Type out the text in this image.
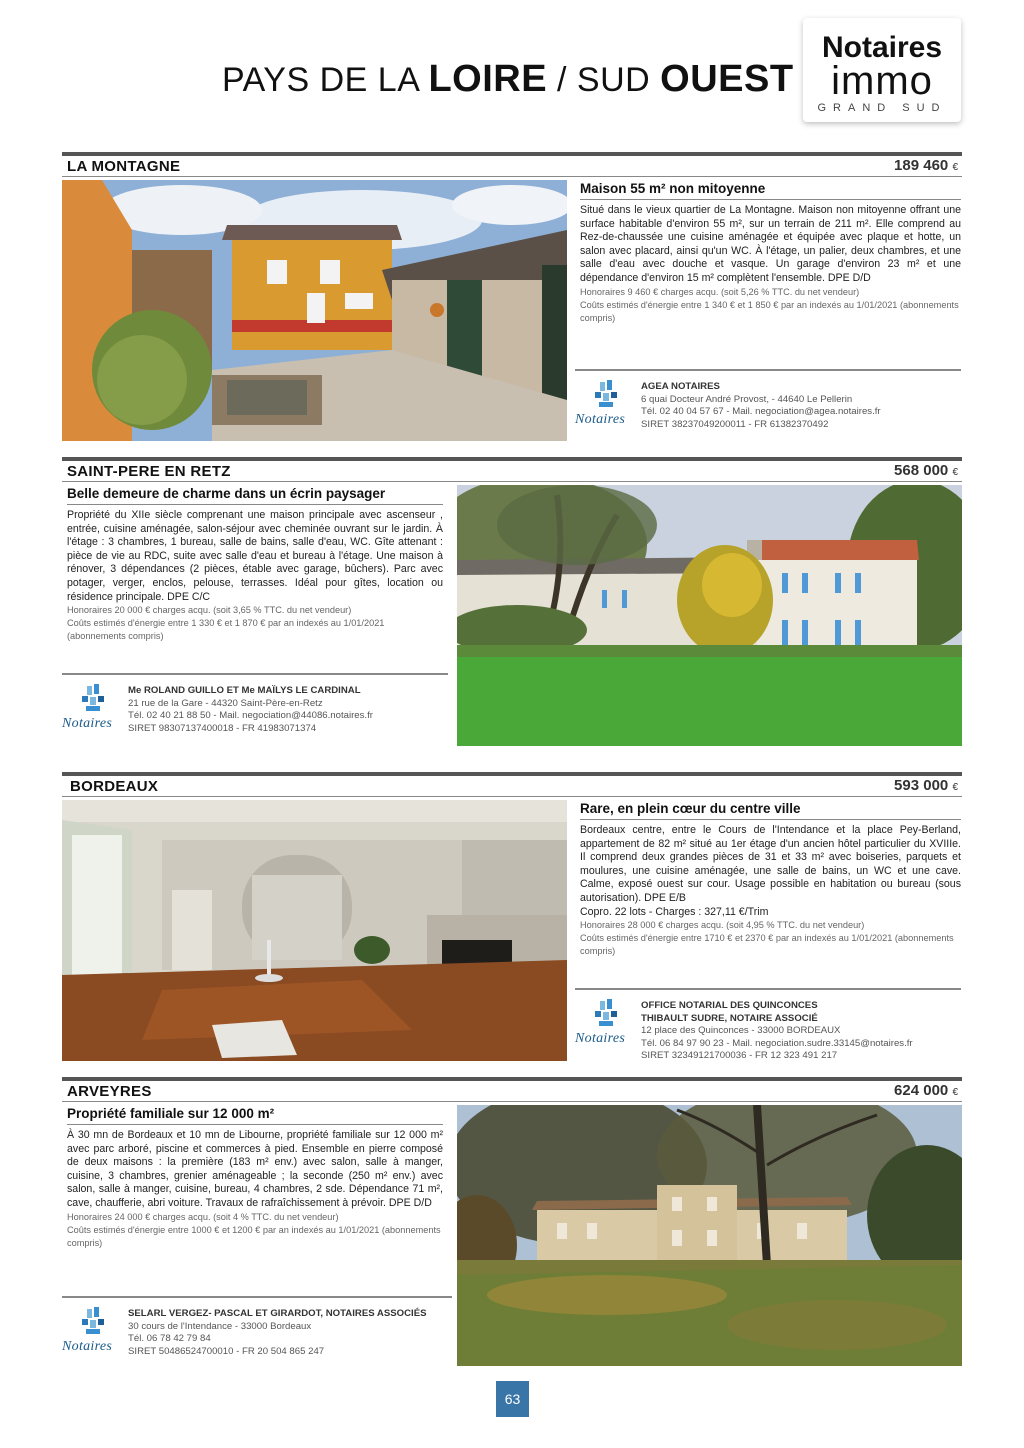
PAYS DE LA LOIRE / SUD OUEST
Notaires
immo
GRAND SUD
LA MONTAGNE	189 460 €
Maison 55 m² non mitoyenne
Situé dans le vieux quartier de La Montagne. Maison non mitoyenne offrant une surface habitable d'environ 55 m², sur un terrain de 211 m². Elle comprend au Rez-de-chaussée une cuisine aménagée et équipée avec plaque et hotte, un salon avec placard, ainsi qu'un WC. À l'étage, un palier, deux chambres, et une salle d'eau avec douche et vasque. Un garage d'environ 23 m² et une dépendance d'environ 15 m² complètent l'ensemble. DPE D/D
Honoraires 9 460 € charges acqu. (soit 5,26 % TTC. du net vendeur)
Coûts estimés d'énergie entre 1 340 € et 1 850 € par an indexés au 1/01/2021 (abonnements compris)
Notaires
AGEA NOTAIRES
6 quai Docteur André Provost, - 44640 Le Pellerin
Tél. 02 40 04 57 67 - Mail. negociation@agea.notaires.fr
SIRET 38237049200011 - FR 61382370492
SAINT-PERE EN RETZ	568 000 €
Belle demeure de charme dans un écrin paysager
Propriété du XIIe siècle comprenant une maison principale avec ascenseur , entrée, cuisine aménagée, salon-séjour avec cheminée ouvrant sur le jardin. À l'étage : 3 chambres, 1 bureau, salle de bains, salle d'eau, WC. Gîte attenant : pièce de vie au RDC, suite avec salle d'eau et bureau à l'étage. Une maison à rénover, 3 dépendances (2 pièces, étable avec garage, bûchers). Parc avec potager, verger, enclos, pelouse, terrasses. Idéal pour gîtes, location ou résidence principale. DPE C/C
Honoraires 20 000 € charges acqu. (soit 3,65 % TTC. du net vendeur)
Coûts estimés d'énergie entre 1 330 € et 1 870 € par an indexés au 1/01/2021 (abonnements compris)
Notaires
Me ROLAND GUILLO ET Me MAÏLYS LE CARDINAL
21 rue de la Gare - 44320 Saint-Père-en-Retz
Tél. 02 40 21 88 50 - Mail. negociation@44086.notaires.fr
SIRET 98307137400018 - FR 41983071374
BORDEAUX	593 000 €
Rare, en plein cœur du centre ville
Bordeaux centre, entre le Cours de l'Intendance et la place Pey-Berland, appartement de 82 m² situé au 1er étage d'un ancien hôtel particulier du XVIIIe. Il comprend deux grandes pièces de 31 et 33 m² avec boiseries, parquets et moulures, une cuisine aménagée, une salle de bains, un WC et une cave. Calme, exposé ouest sur cour. Usage possible en habitation ou bureau (sous autorisation). DPE E/B
Copro. 22 lots - Charges : 327,11 €/Trim
Honoraires 28 000 € charges acqu. (soit 4,95 % TTC. du net vendeur)
Coûts estimés d'énergie entre 1710 € et 2370 € par an indexés au 1/01/2021 (abonnements compris)
Notaires
OFFICE NOTARIAL DES QUINCONCES
THIBAULT SUDRE, NOTAIRE ASSOCIÉ
12 place des Quinconces - 33000 BORDEAUX
Tél. 06 84 97 90 23 - Mail. negociation.sudre.33145@notaires.fr
SIRET 32349121700036 - FR 12 323 491 217
ARVEYRES	624 000 €
Propriété familiale sur 12 000 m²
À 30 mn de Bordeaux et 10 mn de Libourne, propriété familiale sur 12 000 m² avec parc arboré, piscine et commerces à pied. Ensemble en pierre composé de deux maisons : la première (183 m² env.) avec salon, salle à manger, cuisine, 3 chambres, grenier aménageable ; la seconde (250 m² env.) avec salon, salle à manger, cuisine, bureau, 4 chambres, 2 sde. Dépendance 71 m², cave, chaufferie, abri voiture. Travaux de rafraîchissement à prévoir. DPE D/D
Honoraires 24 000 € charges acqu. (soit 4 % TTC. du net vendeur)
Coûts estimés d'énergie entre 1000 € et 1200 € par an indexés au 1/01/2021 (abonnements compris)
Notaires
SELARL VERGEZ- PASCAL ET GIRARDOT, NOTAIRES ASSOCIÉS
30 cours de l'Intendance - 33000 Bordeaux
Tél. 06 78 42 79 84
SIRET 50486524700010 - FR 20 504 865 247
63
